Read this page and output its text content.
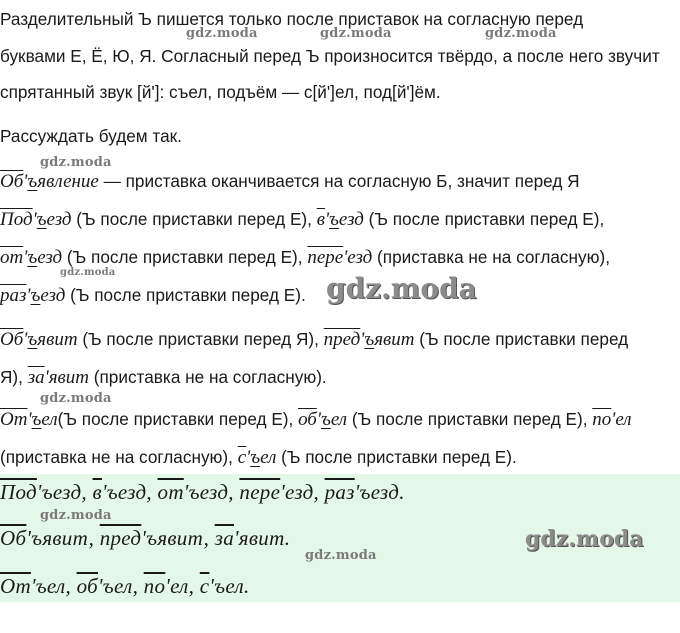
Разделительный Ъ пишется только после приставок на согласную перед
буквами Е, Ё, Ю, Я. Согласный перед Ъ произносится твёрдо, а после него звучит
спрятанный звук [й']: съел, подъём — с[й']ел, под[й']ём.
Рассуждать будем так.
Об'ъявление — приставка оканчивается на согласную Б, значит перед Я
Под'ъезд (Ъ после приставки перед Е), в'ъезд (Ъ после приставки перед Е),
от'ъезд (Ъ после приставки перед Е), пере'езд (приставка не на согласную),
раз'ъезд (Ъ после приставки перед Е).
Об'ъявит (Ъ после приставки перед Я), пред'ъявит (Ъ после приставки перед
Я), за'явит (приставка не на согласную).
От'ъел(Ъ после приставки перед Е), об'ъел (Ъ после приставки перед Е), по'ел
(приставка не на согласную), с'ъел (Ъ после приставки перед Е).
Под'ъезд, в'ъезд, от'ъезд, пере'езд, раз'ъезд.
Об'ъявит, пред'ъявит, за'явит.
От'ъел, об'ъел, по'ел, с'ъел.
gdz.moda	gdz.moda	gdz.moda
gdz.moda
gdz.moda	gdz.moda
gdz.moda
gdz.moda
gdz.moda
gdz.moda
